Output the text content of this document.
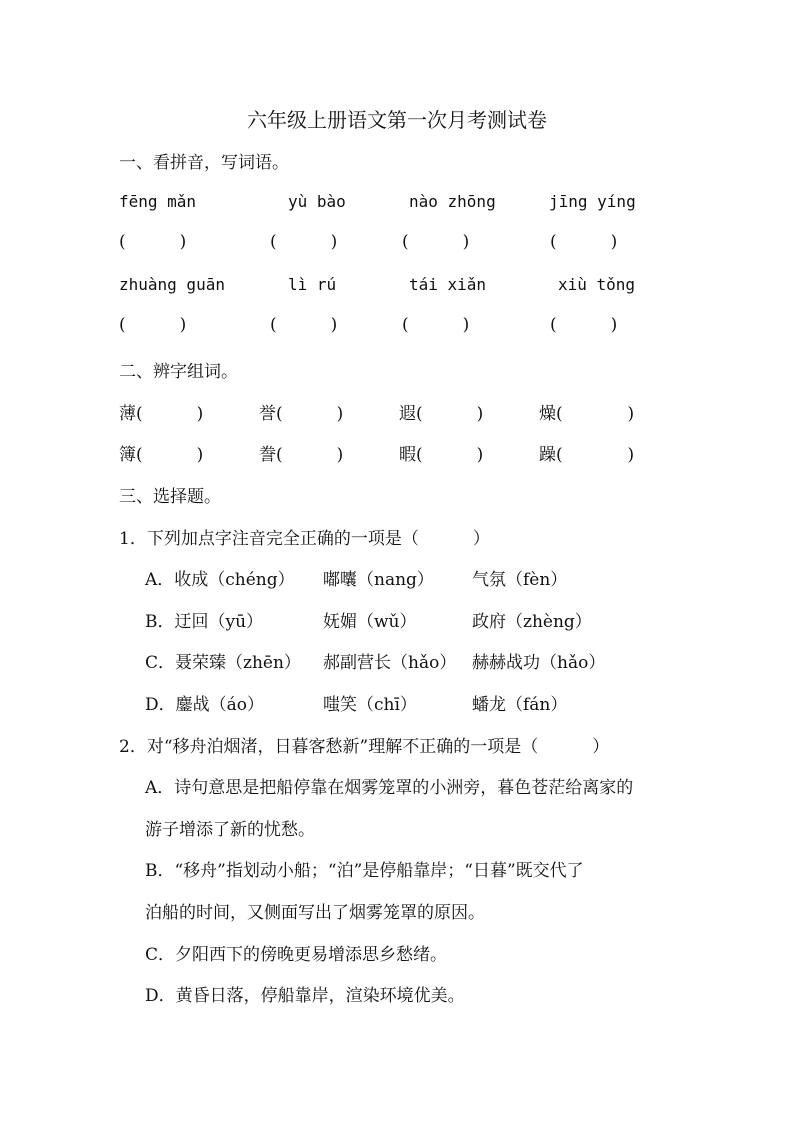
六年级上册语文第一次月考测试卷
一、看拼音，写词语。
fēng mǎn	yù bào	nào zhōng	jīng yíng
(          )	(          )	(          )	(          )
zhuàng guān	lì rú	tái xiǎn	xiù tǒng
(          )	(          )	(          )	(          )
二、辨字组词。
薄(          )	誉(          )	遐(          )	燥(            )
簿(          )	誊(          )	暇(          )	躁(            )
三、选择题。
1．下列加点字注音完全正确的一项是（          ）
A．收成（chéng） 嘟囔（nang） 气氛（fèn）
B．迂回（yū）	妩媚（wǔ）	政府（zhèng）
C．聂荣臻（zhēn） 郝副营长（hǎo） 赫赫战功（hǎo）
D．鏖战（áo）	嗤笑（chī）	蟠龙（fán）
2．对“移舟泊烟渚，日暮客愁新”理解不正确的一项是（          ）
A．诗句意思是把船停靠在烟雾笼罩的小洲旁，暮色苍茫给离家的
游子增添了新的忧愁。
B．“移舟”指划动小船；“泊”是停船靠岸；“日暮”既交代了
泊船的时间，又侧面写出了烟雾笼罩的原因。
C．夕阳西下的傍晚更易增添思乡愁绪。
D．黄昏日落，停船靠岸，渲染环境优美。
